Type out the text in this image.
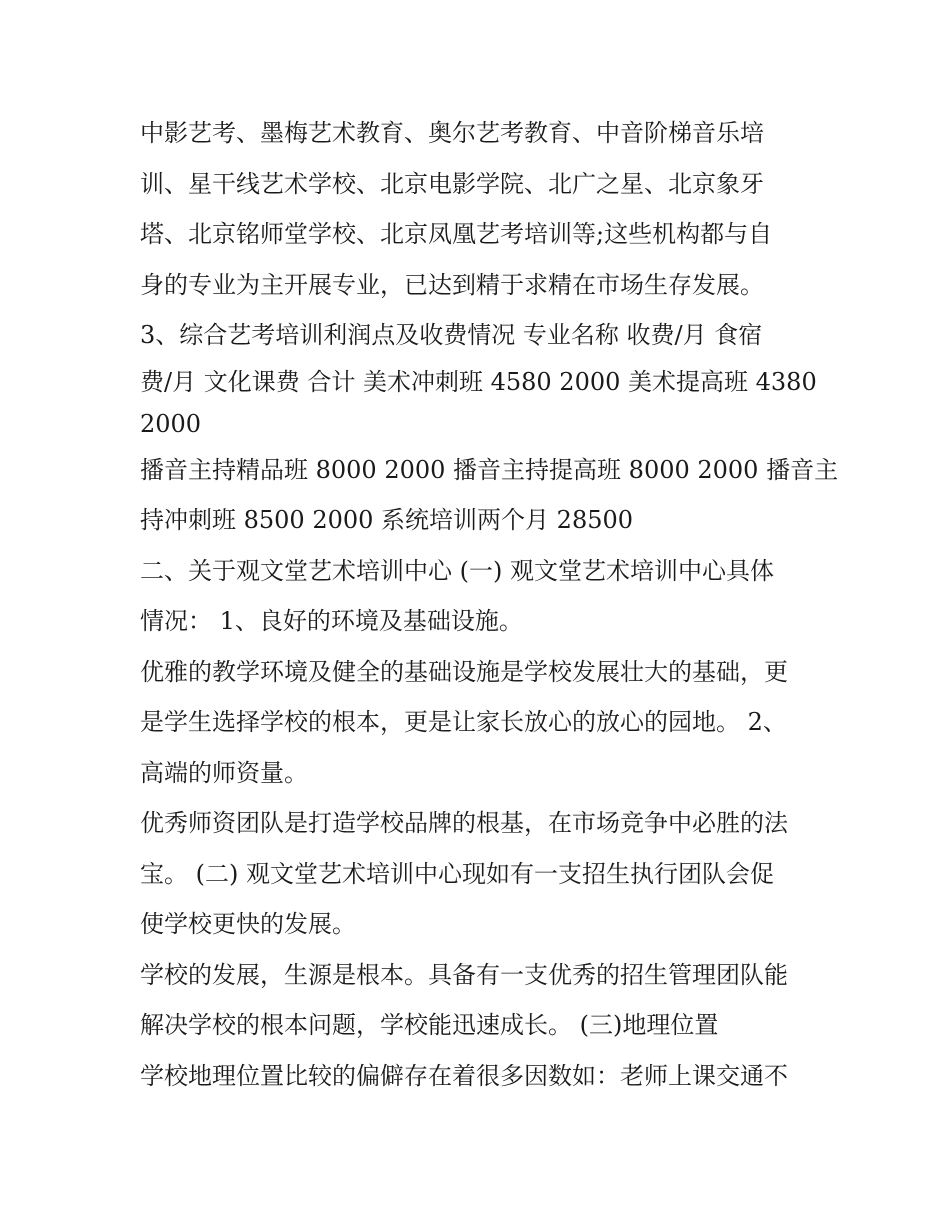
中影艺考、墨梅艺术教育、奥尔艺考教育、中音阶梯音乐培
训、星干线艺术学校、北京电影学院、北广之星、北京象牙
塔、北京铭师堂学校、北京凤凰艺考培训等;这些机构都与自
身的专业为主开展专业，已达到精于求精在市场生存发展。
3、综合艺考培训利润点及收费情况 专业名称 收费/月 食宿
费/月 文化课费 合计 美术冲刺班 4580 2000 美术提高班 4380
2000
播音主持精品班 8000 2000 播音主持提高班 8000 2000 播音主
持冲刺班 8500 2000 系统培训两个月 28500
二、关于观文堂艺术培训中心 (一) 观文堂艺术培训中心具体
情况： 1、良好的环境及基础设施。
优雅的教学环境及健全的基础设施是学校发展壮大的基础，更
是学生选择学校的根本，更是让家长放心的放心的园地。 2、
高端的师资量。
优秀师资团队是打造学校品牌的根基，在市场竞争中必胜的法
宝。 (二) 观文堂艺术培训中心现如有一支招生执行团队会促
使学校更快的发展。
学校的发展，生源是根本。具备有一支优秀的招生管理团队能
解决学校的根本问题，学校能迅速成长。 (三)地理位置
学校地理位置比较的偏僻存在着很多因数如：老师上课交通不
